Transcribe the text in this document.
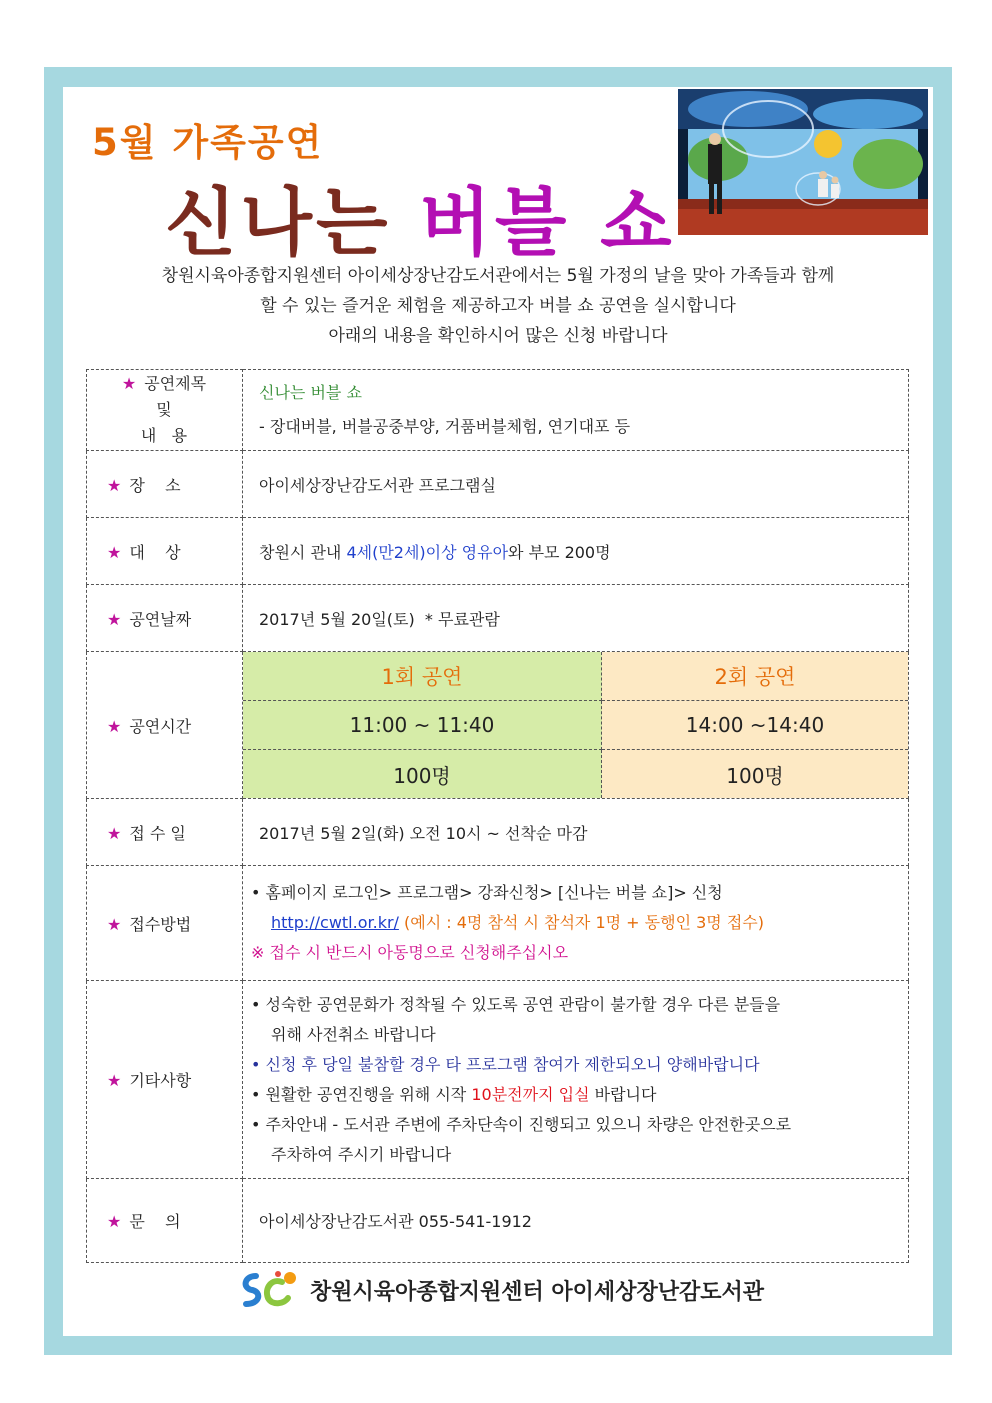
5월 가족공연
신나는 버블 쇼
창원시육아종합지원센터 아이세상장난감도서관에서는 5월 가정의 날을 맞아 가족들과 함께
할 수 있는 즐거운 체험을 제공하고자 버블 쇼 공연을 실시합니다
아래의 내용을 확인하시어 많은 신청 바랍니다
★ 공연제목
및
내   용	
신나는 버블 쇼
- 장대버블, 버블공중부양, 거품버블체험, 연기대포 등

★ 장    소	아이세상장난감도서관 프로그램실
★ 대    상	창원시 관내 4세(만2세)이상 영유아와 부모 200명
★ 공연날짜	2017년 5월 20일(토)  * 무료관람
★ 공연시간	
1회 공연	2회 공연
11:00 ~ 11:40	14:00 ~14:40
100명	100명

★ 접 수 일	2017년 5월 2일(화) 오전 10시 ~ 선착순 마감
★ 접수방법	
• 홈페이지 로그인> 프로그램> 강좌신청> [신나는 버블 쇼]> 신청
http://cwtl.or.kr/ (예시 : 4명 참석 시 참석자 1명 + 동행인 3명 접수)
※ 접수 시 반드시 아동명으로 신청해주십시오

★ 기타사항	
• 성숙한 공연문화가 정착될 수 있도록 공연 관람이 불가할 경우 다른 분들을
위해 사전취소 바랍니다
• 신청 후 당일 불참할 경우 타 프로그램 참여가 제한되오니 양해바랍니다
• 원활한 공연진행을 위해 시작 10분전까지 입실 바랍니다
• 주차안내 - 도서관 주변에 주차단속이 진행되고 있으니 차량은 안전한곳으로
주차하여 주시기 바랍니다

★ 문    의	아이세상장난감도서관 055-541-1912
창원시육아종합지원센터 아이세상장난감도서관
